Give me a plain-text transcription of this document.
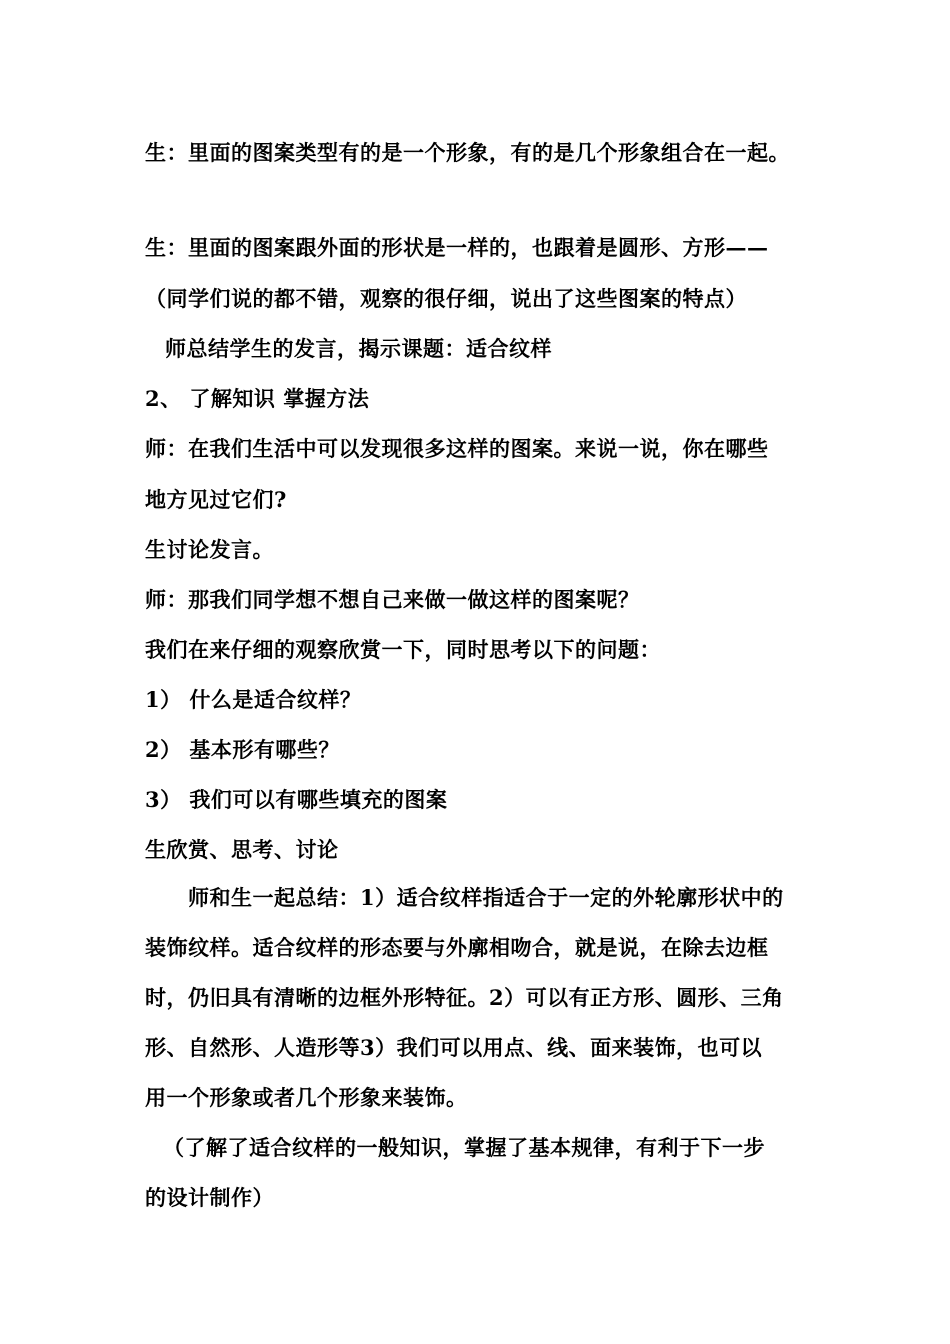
生：里面的图案类型有的是一个形象，有的是几个形象组合在一起。

生：里面的图案跟外面的形状是一样的，也跟着是圆形、方形——

（同学们说的都不错，观察的很仔细，说出了这些图案的特点）

师总结学生的发言，揭示课题：适合纹样

2、 了解知识 掌握方法

师：在我们生活中可以发现很多这样的图案。来说一说，你在哪些

地方见过它们?

生讨论发言。

师：那我们同学想不想自己来做一做这样的图案呢？

我们在来仔细的观察欣赏一下，同时思考以下的问题：

1） 什么是适合纹样？

2） 基本形有哪些？

3） 我们可以有哪些填充的图案

生欣赏、思考、讨论

师和生一起总结：1）适合纹样指适合于一定的外轮廓形状中的

装饰纹样。适合纹样的形态要与外廓相吻合，就是说，在除去边框

时，仍旧具有清晰的边框外形特征。2）可以有正方形、圆形、三角

形、自然形、人造形等3）我们可以用点、线、面来装饰，也可以

用一个形象或者几个形象来装饰。

（了解了适合纹样的一般知识，掌握了基本规律，有利于下一步

的设计制作）
